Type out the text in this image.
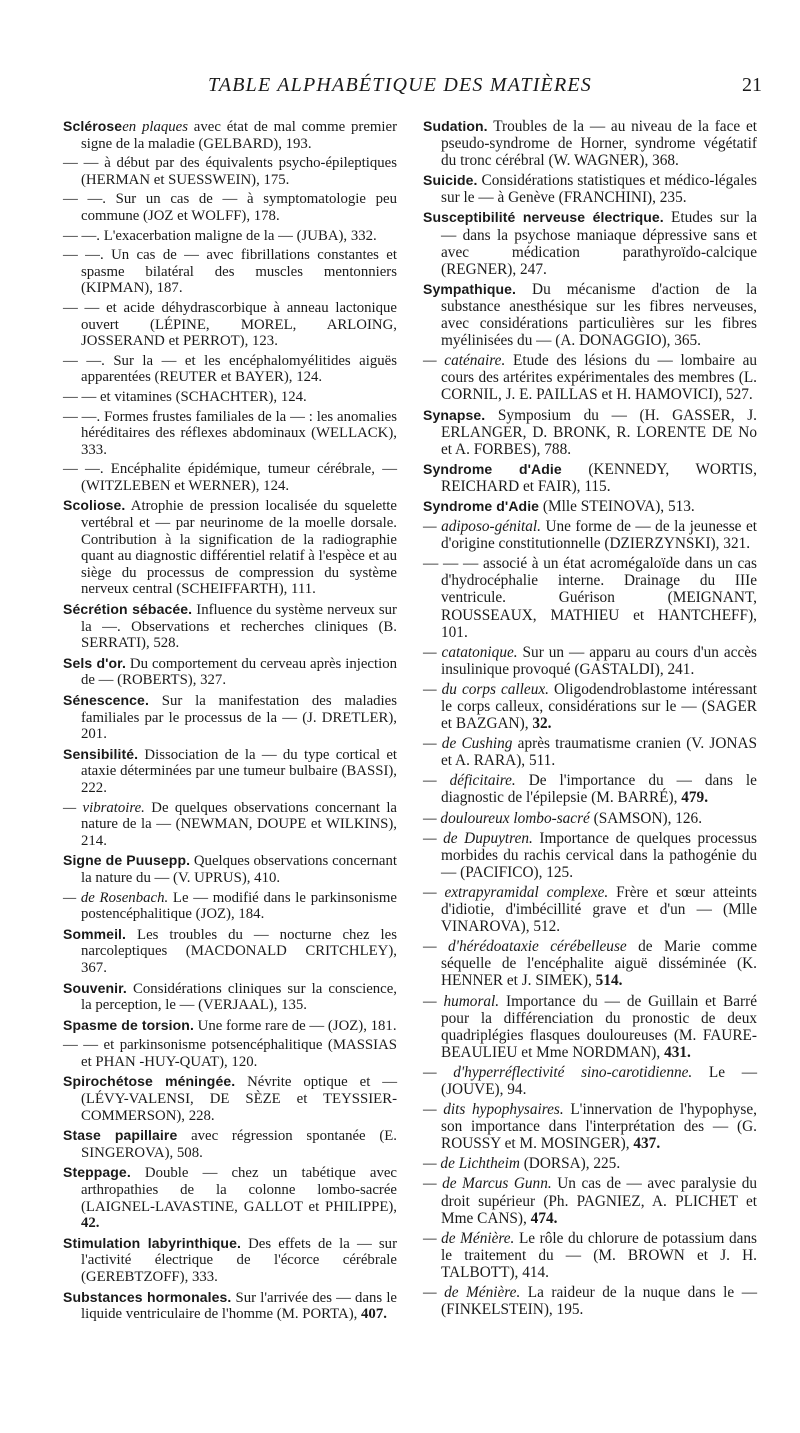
TABLE ALPHABÉTIQUE DES MATIÈRES	21

Scléroseen plaques avec état de mal comme premier signe de la maladie (GELBARD), 193.

— — à début par des équivalents psycho-épileptiques (HERMAN et SUESSWEIN), 175.

— —. Sur un cas de — à symptomatologie peu commune (JOZ et WOLFF), 178.

— —. L'exacerbation maligne de la — (JUBA), 332.

— —. Un cas de — avec fibrillations constantes et spasme bilatéral des muscles mentonniers (KIPMAN), 187.

— — et acide déhydrascorbique à anneau lactonique ouvert (LÉPINE, MOREL, ARLOING, JOSSERAND et PERROT), 123.

— —. Sur la — et les encéphalomyélitides aiguës apparentées (REUTER et BAYER), 124.

— — et vitamines (SCHACHTER), 124.

— —. Formes frustes familiales de la — : les anomalies héréditaires des réflexes abdominaux (WELLACK), 333.

— —. Encéphalite épidémique, tumeur cérébrale, — (WITZLEBEN et WERNER), 124.

Scoliose. Atrophie de pression localisée du squelette vertébral et — par neurinome de la moelle dorsale. Contribution à la signification de la radiographie quant au diagnostic différentiel relatif à l'espèce et au siège du processus de compression du système nerveux central (SCHEIFFARTH), 111.

Sécrétion sébacée. Influence du système nerveux sur la —. Observations et recherches cliniques (B. SERRATI), 528.

Sels d'or. Du comportement du cerveau après injection de — (ROBERTS), 327.

Sénescence. Sur la manifestation des maladies familiales par le processus de la — (J. DRETLER), 201.

Sensibilité. Dissociation de la — du type cortical et ataxie déterminées par une tumeur bulbaire (BASSI), 222.

— vibratoire. De quelques observations concernant la nature de la — (NEWMAN, DOUPE et WILKINS), 214.

Signe de Puusepp. Quelques observations concernant la nature du — (V. UPRUS), 410.

— de Rosenbach. Le — modifié dans le parkinsonisme postencéphalitique (JOZ), 184.

Sommeil. Les troubles du — nocturne chez les narcoleptiques (MACDONALD CRITCHLEY), 367.

Souvenir. Considérations cliniques sur la conscience, la perception, le — (VERJAAL), 135.

Spasme de torsion. Une forme rare de — (JOZ), 181.

— — et parkinsonisme potsencéphalitique (MASSIAS et PHAN -HUY-QUAT), 120.

Spirochétose méningée. Névrite optique et — (LÉVY-VALENSI, DE SÈZE et TEYSSIER-COMMERSON), 228.

Stase papillaire avec régression spontanée (E. SINGEROVA), 508.

Steppage. Double — chez un tabétique avec arthropathies de la colonne lombo-sacrée (LAIGNEL-LAVASTINE, GALLOT et PHILIPPE), 42.

Stimulation labyrinthique. Des effets de la — sur l'activité électrique de l'écorce cérébrale (GEREBTZOFF), 333.

Substances hormonales. Sur l'arrivée des — dans le liquide ventriculaire de l'homme (M. PORTA), 407.

Sudation. Troubles de la — au niveau de la face et pseudo-syndrome de Horner, syndrome végétatif du tronc cérébral (W. WAGNER), 368.

Suicide. Considérations statistiques et médico-légales sur le — à Genève (FRANCHINI), 235.

Susceptibilité nerveuse électrique. Etudes sur la — dans la psychose maniaque dépressive sans et avec médication parathyroïdo-calcique (REGNER), 247.

Sympathique. Du mécanisme d'action de la substance anesthésique sur les fibres nerveuses, avec considérations particulières sur les fibres myélinisées du — (A. DONAGGIO), 365.

— caténaire. Etude des lésions du — lombaire au cours des artérites expérimentales des membres (L. CORNIL, J. E. PAILLAS et H. HAMOVICI), 527.

Synapse. Symposium du — (H. GASSER, J. ERLANGER, D. BRONK, R. LORENTE DE No et A. FORBES), 788.

Syndrome d'Adie (KENNEDY, WORTIS, REICHARD et FAIR), 115.

Syndrome d'Adie (Mlle STEINOVA), 513.

— adiposo-génital. Une forme de — de la jeunesse et d'origine constitutionnelle (DZIERZYNSKI), 321.

— — — associé à un état acromégaloïde dans un cas d'hydrocéphalie interne. Drainage du IIIe ventricule. Guérison (MEIGNANT, ROUSSEAUX, MATHIEU et HANTCHEFF), 101.

— catatonique. Sur un — apparu au cours d'un accès insulinique provoqué (GASTALDI), 241.

— du corps calleux. Oligodendroblastome intéressant le corps calleux, considérations sur le — (SAGER et BAZGAN), 32.

— de Cushing après traumatisme cranien (V. JONAS et A. RARA), 511.

— déficitaire. De l'importance du — dans le diagnostic de l'épilepsie (M. BARRÉ), 479.

— douloureux lombo-sacré (SAMSON), 126.

— de Dupuytren. Importance de quelques processus morbides du rachis cervical dans la pathogénie du — (PACIFICO), 125.

— extrapyramidal complexe. Frère et sœur atteints d'idiotie, d'imbécillité grave et d'un — (Mlle VINAROVA), 512.

— d'hérédoataxie cérébelleuse de Marie comme séquelle de l'encéphalite aiguë disséminée (K. HENNER et J. SIMEK), 514.

— humoral. Importance du — de Guillain et Barré pour la différenciation du pronostic de deux quadriplégies flasques douloureuses (M. FAURE-BEAULIEU et Mme NORDMAN), 431.

— d'hyperréflectivité sino-carotidienne. Le — (JOUVE), 94.

— dits hypophysaires. L'innervation de l'hypophyse, son importance dans l'interprétation des — (G. ROUSSY et M. MOSINGER), 437.

— de Lichtheim (DORSA), 225.

— de Marcus Gunn. Un cas de — avec paralysie du droit supérieur (Ph. PAGNIEZ, A. PLICHET et Mme CANS), 474.

— de Ménière. Le rôle du chlorure de potassium dans le traitement du — (M. BROWN et J. H. TALBOTT), 414.

— de Ménière. La raideur de la nuque dans le — (FINKELSTEIN), 195.
